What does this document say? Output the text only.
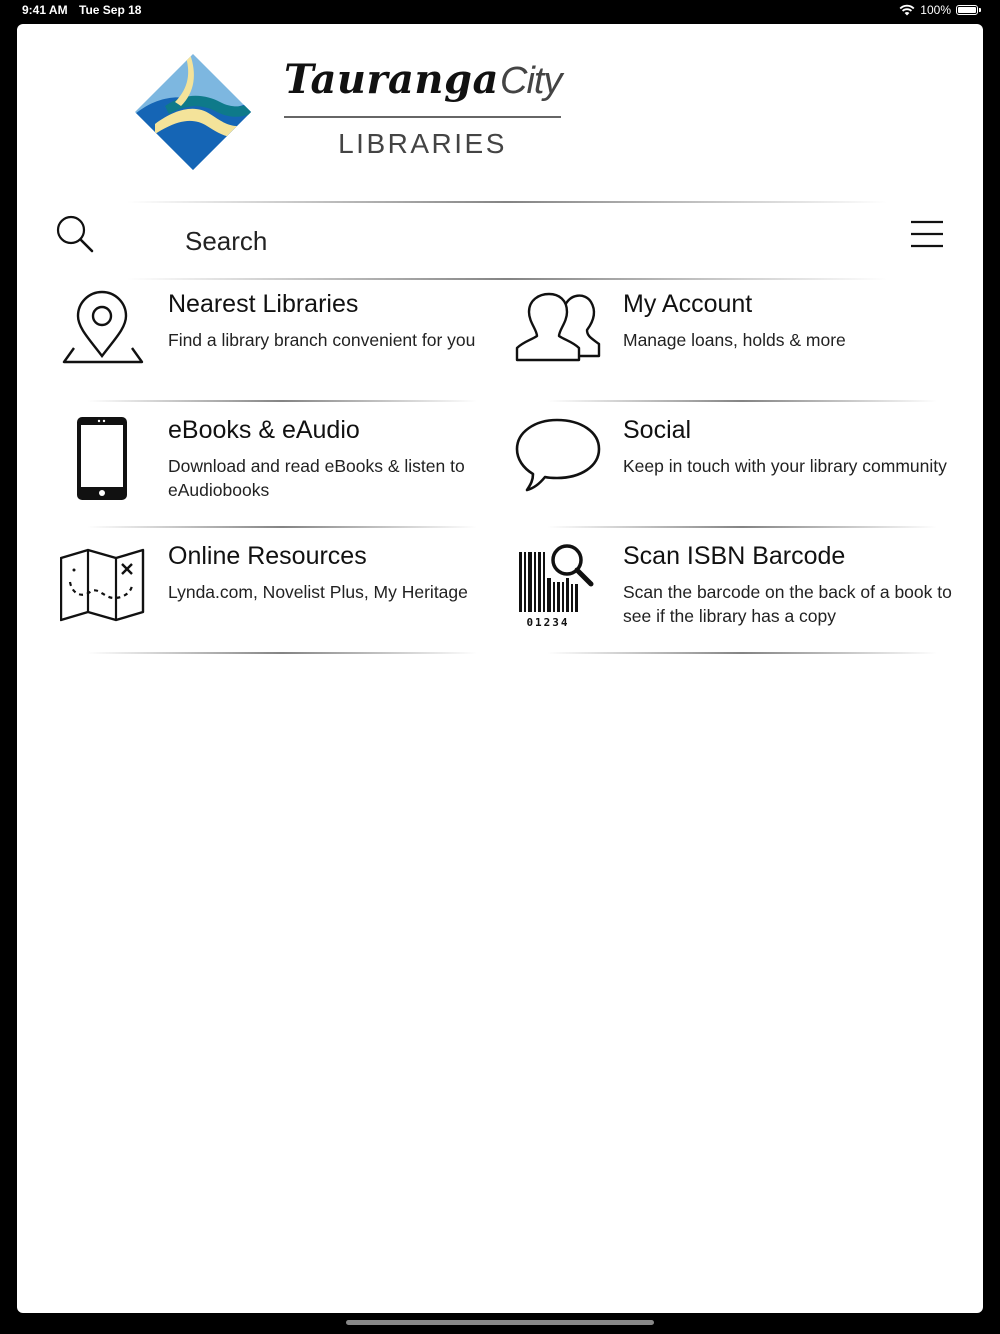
9:41 AM Tue Sep 18	100%
Tauranga City
LIBRARIES
Search
Nearest Libraries
Find a library branch convenient for you
My Account
Manage loans, holds & more
eBooks & eAudio
Download and read eBooks & listen to eAudiobooks
Social
Keep in touch with your library community
Online Resources
Lynda.com, Novelist Plus, My Heritage
01234
Scan ISBN Barcode
Scan the barcode on the back of a book to see if the library has a copy
